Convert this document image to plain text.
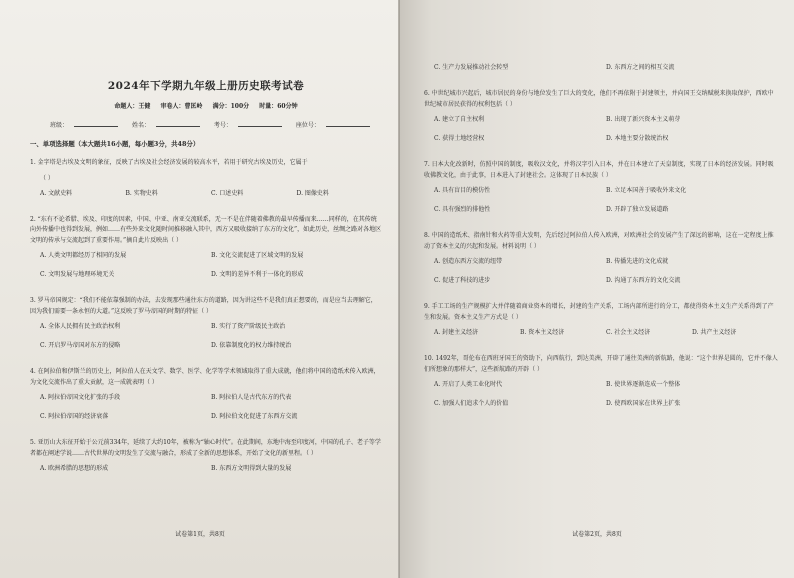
2024年下学期九年级上册历史联考试卷
命题人：王健 审卷人：曹匡岭 满分：100分 时量：60分钟
班级：	姓名：	考号：	座位号：
一、单项选择题（本大题共16小题，每小题3分，共48分）
1. 金字塔是古埃及文明的象征，反映了古埃及社会经济发展的较高水平，若用于研究古埃及历史，它属于
（ ）
A. 文献史料	B. 实物史料	C. 口述史料	D. 图像史料
2. “东有不论希腊、埃及、印度的因素，中国、中亚、南亚交流联系，无一不是在伴随着佛教的最早传播而来……同样的，在其传统向外传播中也得到发展，例如……有些外来文化随时间推移融入其中，西方又吸收接纳了东方的文化”，如此历史，丝绸之路对各地区文明的传承与交流起到了重要作用。”摘自此片反映出（ ）
A. 人类文明都经历了相同的发展	B. 文化交流促进了区域文明的发展
C. 文明发展与地理环境无关	D. 文明的差异不利于一体化的形成
3. 罗马帝国规定：“我们不能依靠强制的办法，去发现那些通往东方的道路，因为讲这些不是我们真正想要的，而是应当去理解它，因为我们需要一条永恒的大道。”这反映了罗马帝国的时期的特征（ ）
A. 全体人民拥有民主政治权利	B. 实行了资产阶级民主政治
C. 开启罗马帝国对东方的侵略	D. 依靠制度化的权力维持统治
4. 在阿拉伯和伊斯兰的历史上，阿拉伯人在天文学、数学、医学、化学等学术领域取得了重大成就，他们将中国的造纸术传入欧洲，为文化交流作出了重大贡献，这一成就表明（ ）
A. 阿拉伯帝国文化扩张的手段	B. 阿拉伯人是古代东方的代表
C. 阿拉伯帝国的经济衰落	D. 阿拉伯文化促进了东西方交流
5. 亚历山大东征开始于公元前334年，延续了大约10年，被称为“轴心时代”。在此期间，东地中海至印度河，中国的孔子、老子等学者都在阐述学说……古代世界的文明发生了交流与融合，形成了全新的思想体系，开始了文化的新里程。（ ）
A. 欧洲希腊的思想的形成	B. 东西方文明得到大量的发展
试卷第1页，共8页
C. 生产力发展推动社会转型	D. 东西方之间的相互交流
6. 中世纪城市兴起后，城市居民的身份与地位发生了巨大的变化，他们不再依附于封建领主，并向国王交纳赋税来换取保护，西欧中世纪城市居民获得的权利包括（ ）
A. 建立了自主权利	B. 出现了新兴资本主义萌芽
C. 获得土地经营权	D. 本地主要分散统治权
7. 日本大化改新时，仿照中国的制度，吸收汉文化，并将汉字引入日本，并在日本建立了天皇制度，实现了日本的经济发展。同时吸收佛教文化，由于此事，日本进入了封建社会。这体现了日本民族（ ）
A. 具有盲目的模仿性	B. 立足本国善于吸收外来文化
C. 具有强烈的排他性	D. 开辟了独立发展道路
8. 中国的造纸术、指南针和火药等重大发明，先后经过阿拉伯人传入欧洲，对欧洲社会的发展产生了深远的影响，这在一定程度上推动了资本主义的兴起和发展。材料说明（ ）
A. 创造东西方交流的纽带	B. 传播先进的文化成就
C. 促进了科技的进步	D. 沟通了东西方的文化交流
9. 手工工场的生产规模扩大并伴随着商业资本的增长，封建的生产关系，工场内部所进行的分工，都使得资本主义生产关系得到了产生和发展。资本主义生产方式是（ ）
A. 封建主义经济	B. 资本主义经济	C. 社会主义经济	D. 共产主义经济
10. 1492年，哥伦布在西班牙国王的资助下，向西航行，到达美洲，开辟了通往美洲的新航路，他说：“这个世界是圆的，它并不像人们所想象的那样大”，这些新航路的开辟（ ）
A. 开启了人类工业化时代	B. 使世界逐渐连成一个整体
C. 加强人们追求个人的价值	D. 使西欧国家在世界上扩张
试卷第2页，共8页
